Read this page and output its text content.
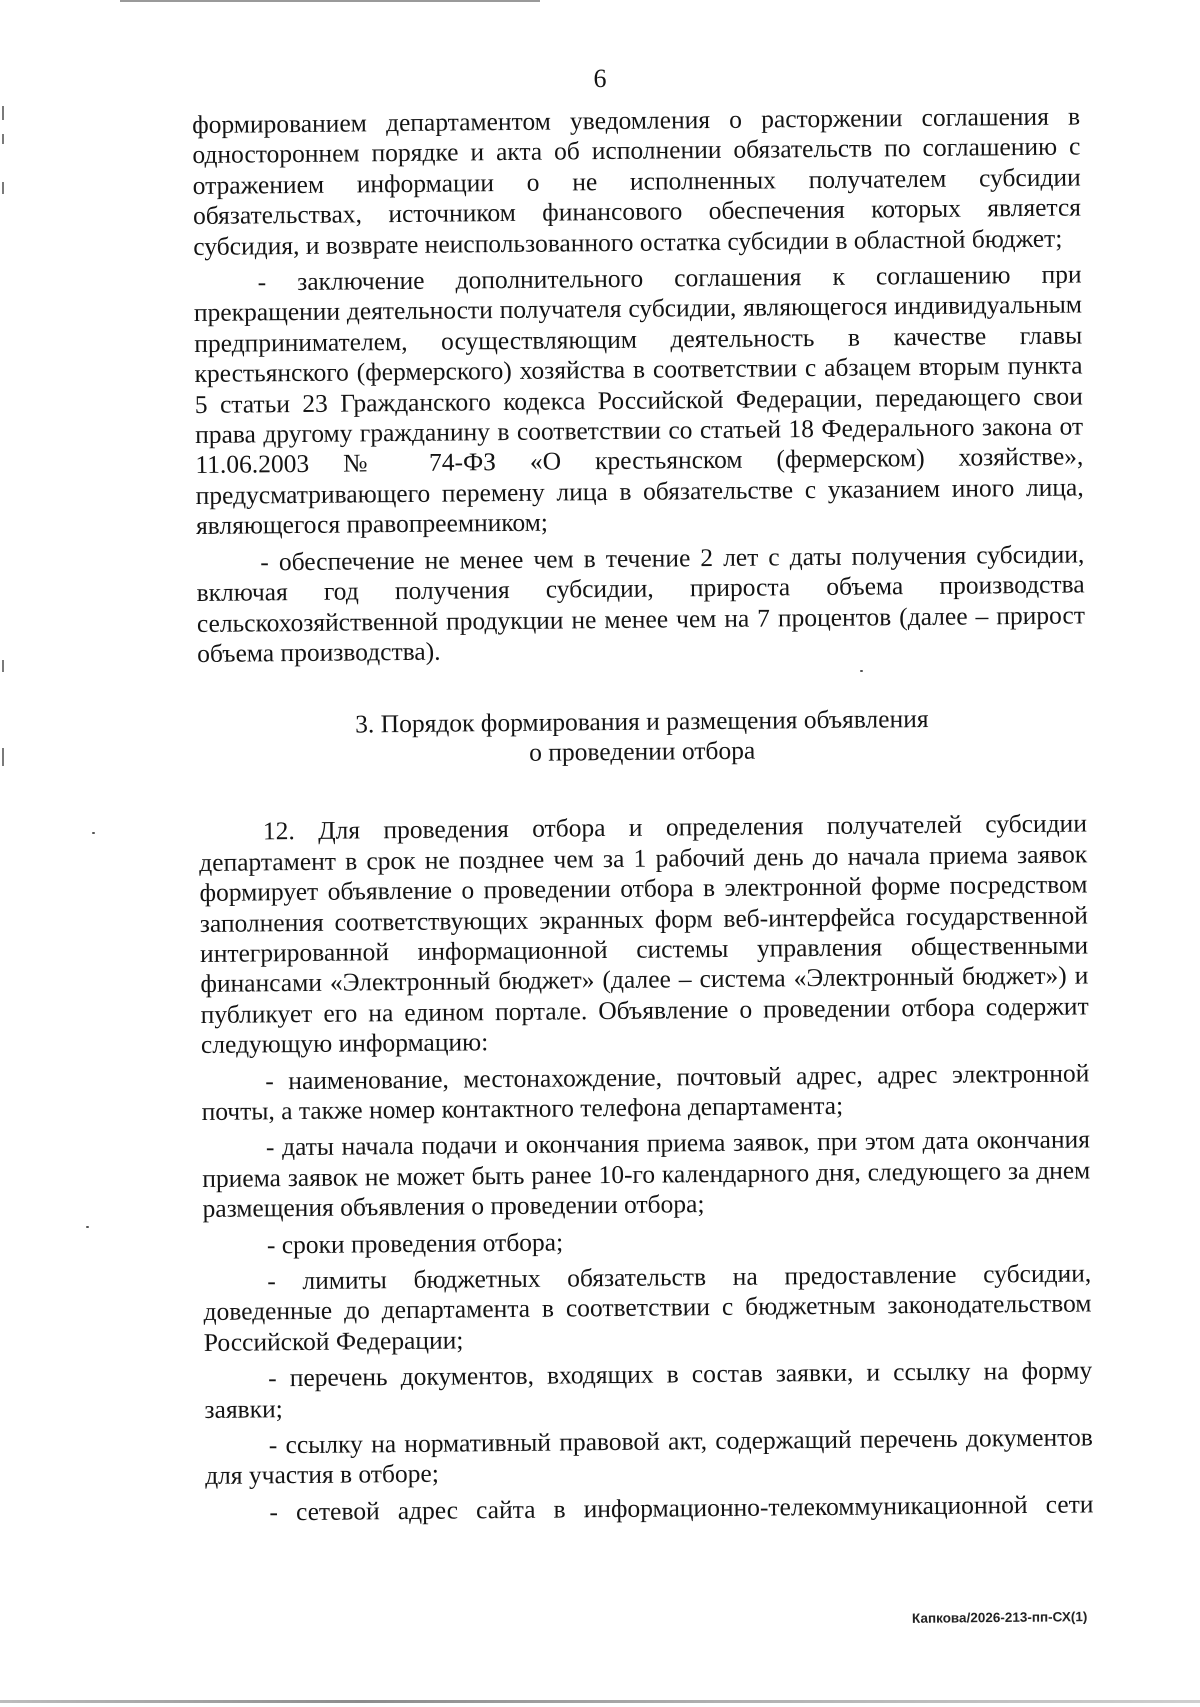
6

формированием департаментом уведомления о расторжении соглашения в одностороннем порядке и акта об исполнении обязательств по соглашению с отражением информации о не исполненных получателем субсидии обязательствах, источником финансового обеспечения которых является субсидия, и возврате неиспользованного остатка субсидии в областной бюджет;

- заключение дополнительного соглашения к соглашению при прекращении деятельности получателя субсидии, являющегося индивидуальным предпринимателем, осуществляющим деятельность в качестве главы крестьянского (фермерского) хозяйства в соответствии с абзацем вторым пункта 5 статьи 23 Гражданского кодекса Российской Федерации, передающего свои права другому гражданину в соответствии со статьей 18 Федерального закона от 11.06.2003 № 74-ФЗ «О крестьянском (фермерском) хозяйстве», предусматривающего перемену лица в обязательстве с указанием иного лица, являющегося правопреемником;

- обеспечение не менее чем в течение 2 лет с даты получения субсидии, включая год получения субсидии, прироста объема производства сельскохозяйственной продукции не менее чем на 7 процентов (далее – прирост объема производства).

3. Порядок формирования и размещения объявления
о проведении отбора

12. Для проведения отбора и определения получателей субсидии департамент в срок не позднее чем за 1 рабочий день до начала приема заявок формирует объявление о проведении отбора в электронной форме посредством заполнения соответствующих экранных форм веб-интерфейса государственной интегрированной информационной системы управления общественными финансами «Электронный бюджет» (далее – система «Электронный бюджет») и публикует его на едином портале. Объявление о проведении отбора содержит следующую информацию:

- наименование, местонахождение, почтовый адрес, адрес электронной почты, а также номер контактного телефона департамента;

- даты начала подачи и окончания приема заявок, при этом дата окончания приема заявок не может быть ранее 10-го календарного дня, следующего за днем размещения объявления о проведении отбора;

- сроки проведения отбора;

- лимиты бюджетных обязательств на предоставление субсидии, доведенные до департамента в соответствии с бюджетным законодательством Российской Федерации;

- перечень документов, входящих в состав заявки, и ссылку на форму заявки;

- ссылку на нормативный правовой акт, содержащий перечень документов для участия в отборе;

- сетевой адрес сайта в информационно-телекоммуникационной сети

Капкова/2026-213-пп-СХ(1)
